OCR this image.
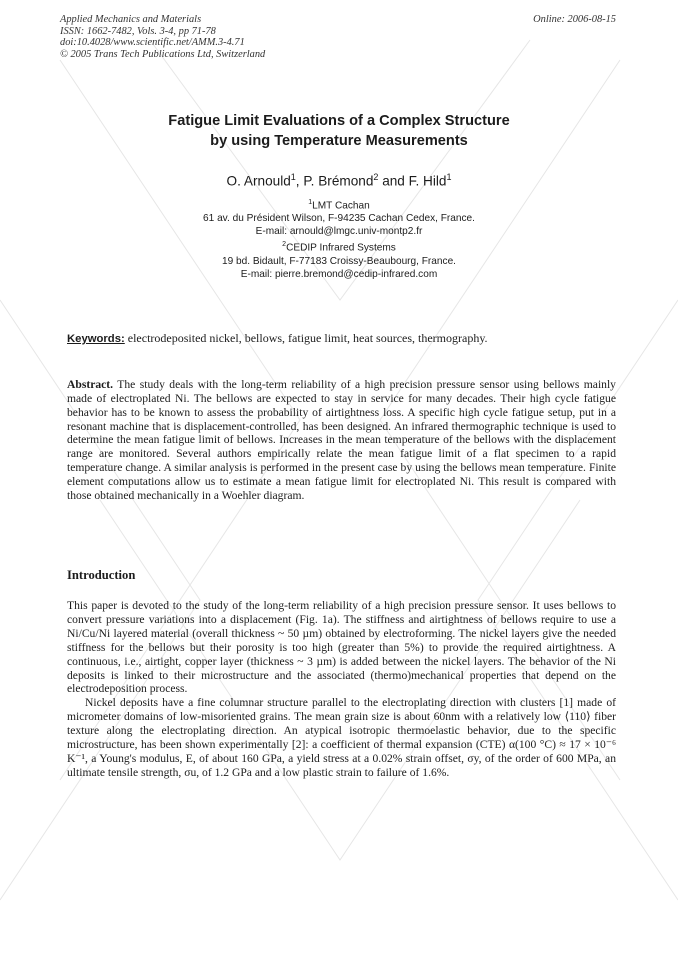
Applied Mechanics and Materials
ISSN: 1662-7482, Vols. 3-4, pp 71-78
doi:10.4028/www.scientific.net/AMM.3-4.71
© 2005 Trans Tech Publications Ltd, Switzerland
Online: 2006-08-15
Fatigue Limit Evaluations of a Complex Structure
by using Temperature Measurements
O. Arnould$^1$, P. Brémond$^2$ and F. Hild$^1$
$^1$LMT Cachan
61 av. du Président Wilson, F-94235 Cachan Cedex, France.
E-mail: arnould@lmgc.univ-montp2.fr
$^2$CEDIP Infrared Systems
19 bd. Bidault, F-77183 Croissy-Beaubourg, France.
E-mail: pierre.bremond@cedip-infrared.com
Keywords: electrodeposited nickel, bellows, fatigue limit, heat sources, thermography.
Abstract. The study deals with the long-term reliability of a high precision pressure sensor using bellows mainly made of electroplated Ni. The bellows are expected to stay in service for many decades. Their high cycle fatigue behavior has to be known to assess the probability of airtightness loss. A specific high cycle fatigue setup, put in a resonant machine that is displacement-controlled, has been designed. An infrared thermographic technique is used to determine the mean fatigue limit of bellows. Increases in the mean temperature of the bellows with the displacement range are monitored. Several authors empirically relate the mean fatigue limit of a flat specimen to a rapid temperature change. A similar analysis is performed in the present case by using the bellows mean temperature. Finite element computations allow us to estimate a mean fatigue limit for electroplated Ni. This result is compared with those obtained mechanically in a Woehler diagram.
Introduction

This paper is devoted to the study of the long-term reliability of a high precision pressure sensor. It uses bellows to convert pressure variations into a displacement (Fig. 1a). The stiffness and airtightness of bellows require to use a Ni/Cu/Ni layered material (overall thickness ~ 50 µm) obtained by electroforming. The nickel layers give the needed stiffness for the bellows but their porosity is too high (greater than 5%) to provide the required airtightness. A continuous, i.e., airtight, copper layer (thickness ~ 3 µm) is added between the nickel layers. The behavior of the Ni deposits is linked to their microstructure and the associated (thermo)mechanical properties that depend on the electrodeposition process.

Nickel deposits have a fine columnar structure parallel to the electroplating direction with clusters [1] made of micrometer domains of low-misoriented grains. The mean grain size is about 60nm with a relatively low ⟨110⟩ fiber texture along the electroplating direction. An atypical isotropic thermoelastic behavior, due to the specific microstructure, has been shown experimentally [2]: a coefficient of thermal expansion (CTE) α(100 °C) ≈ 17 × 10⁻⁶ K⁻¹, a Young's modulus, E, of about 160 GPa, a yield stress at a 0.02% strain offset, σy, of the order of 600 MPa, an ultimate tensile strength, σu, of 1.2 GPa and a low plastic strain to failure of 1.6%.
